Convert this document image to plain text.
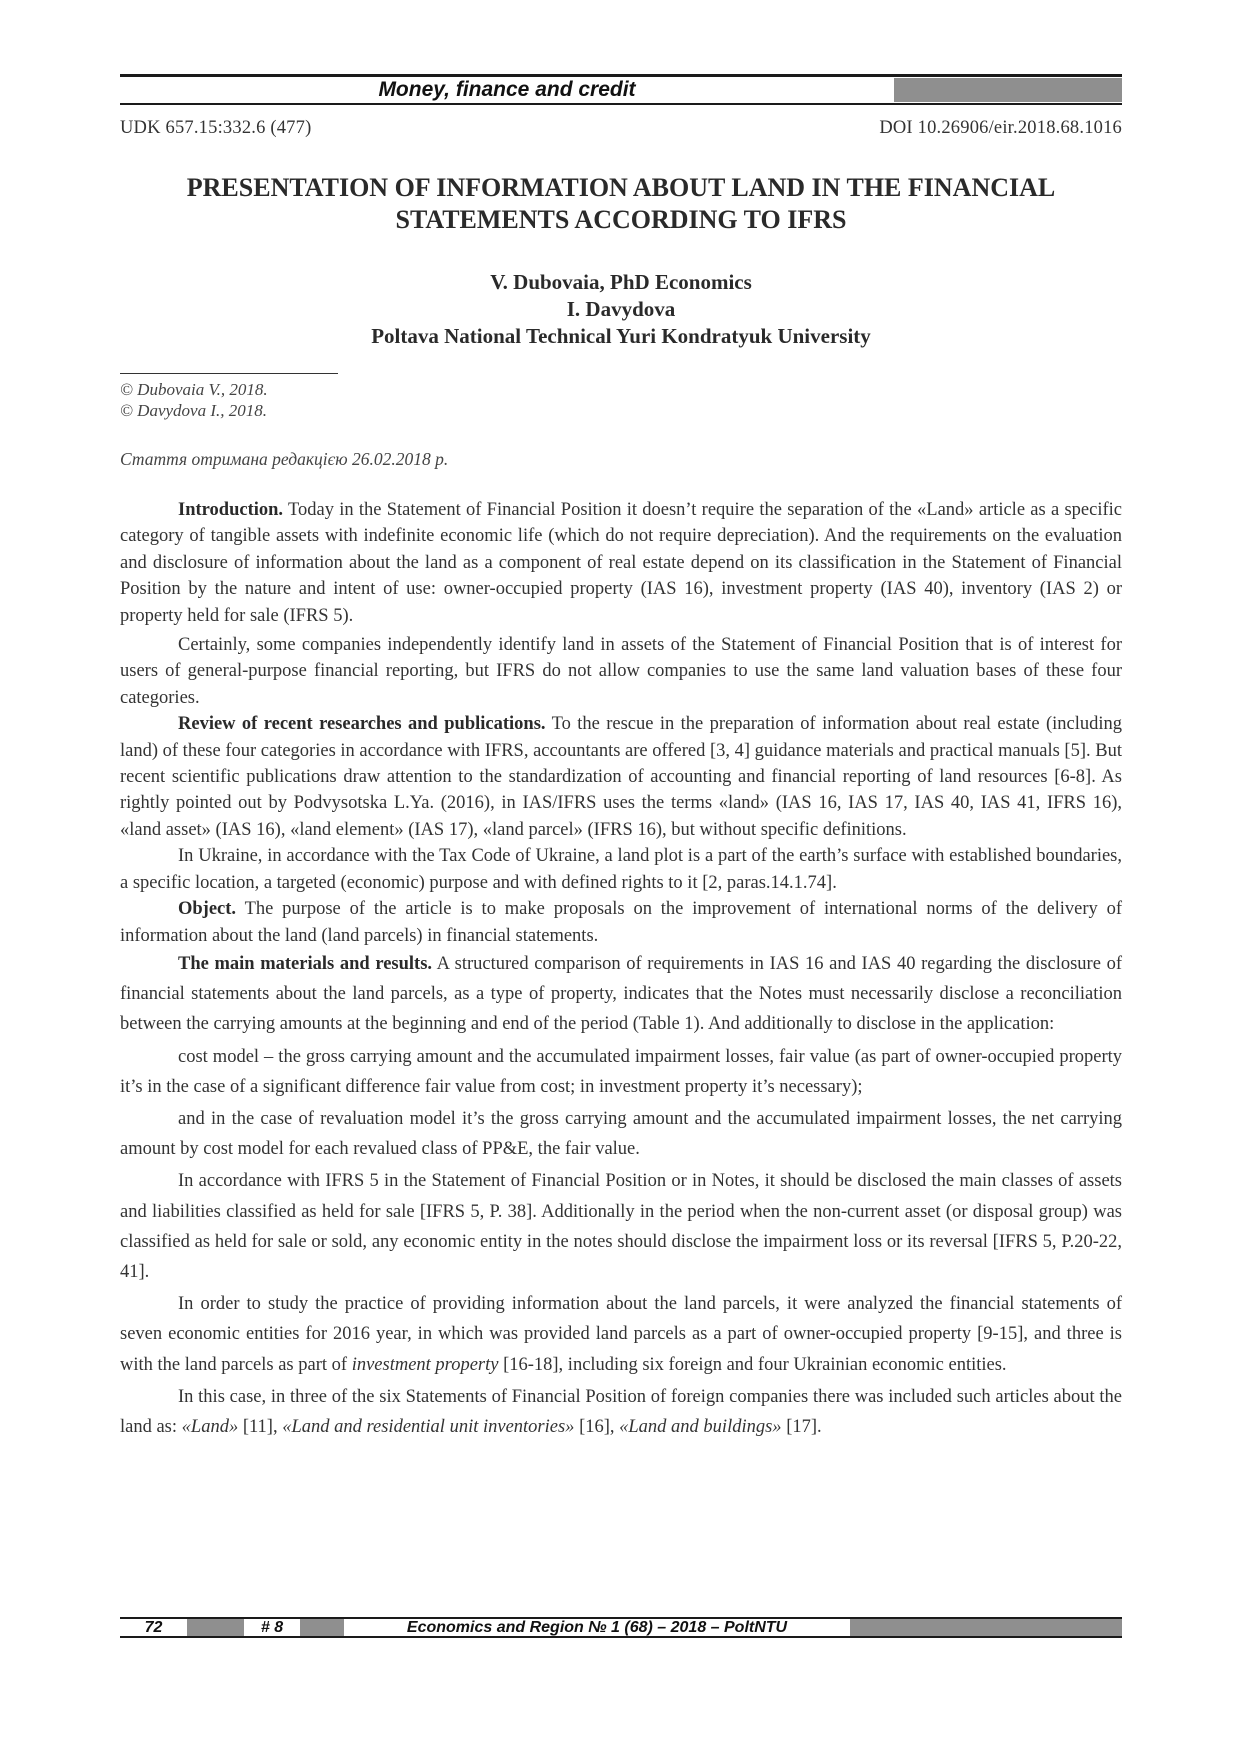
Money, finance and credit
UDK 657.15:332.6 (477)	DOI 10.26906/eir.2018.68.1016
PRESENTATION OF INFORMATION ABOUT LAND IN THE FINANCIAL
STATEMENTS ACCORDING TO IFRS
V. Dubovaia, PhD Economics
I. Davydova
Poltava National Technical Yuri Kondratyuk University
© Dubovaia V., 2018.
© Davydova I., 2018.
Стаття отримана редакцією 26.02.2018 р.

Introduction. Today in the Statement of Financial Position it doesn’t require the separation of the «Land» article as a specific category of tangible assets with indefinite economic life (which do not require depreciation). And the requirements on the evaluation and disclosure of information about the land as a component of real estate depend on its classification in the Statement of Financial Position by the nature and intent of use: owner-occupied property (IAS 16), investment property (IAS 40), inventory (IAS 2) or property held for sale (IFRS 5).

Certainly, some companies independently identify land in assets of the Statement of Financial Position that is of interest for users of general-purpose financial reporting, but IFRS do not allow companies to use the same land valuation bases of these four categories.

Review of recent researches and publications. To the rescue in the preparation of information about real estate (including land) of these four categories in accordance with IFRS, accountants are offered [3, 4] guidance materials and practical manuals [5]. But recent scientific publications draw attention to the standardization of accounting and financial reporting of land resources [6-8]. As rightly pointed out by Podvysotska L.Ya. (2016), in IAS/IFRS uses the terms «land» (IAS 16, IAS 17, IAS 40, IAS 41, IFRS 16), «land asset» (IAS 16), «land element» (IAS 17), «land parcel» (IFRS 16), but without specific definitions.

In Ukraine, in accordance with the Tax Code of Ukraine, a land plot is a part of the earth’s surface with established boundaries, a specific location, a targeted (economic) purpose and with defined rights to it [2, paras.14.1.74].

Object. The purpose of the article is to make proposals on the improvement of international norms of the delivery of information about the land (land parcels) in financial statements.

The main materials and results. A structured comparison of requirements in IAS 16 and IAS 40 regarding the disclosure of financial statements about the land parcels, as a type of property, indicates that the Notes must necessarily disclose a reconciliation between the carrying amounts at the beginning and end of the period (Table 1). And additionally to disclose in the application:

cost model – the gross carrying amount and the accumulated impairment losses, fair value (as part of owner-occupied property it’s in the case of a significant difference fair value from cost; in investment property it’s necessary);

and in the case of revaluation model it’s the gross carrying amount and the accumulated impairment losses, the net carrying amount by cost model for each revalued class of PP&E, the fair value.

In accordance with IFRS 5 in the Statement of Financial Position or in Notes, it should be disclosed the main classes of assets and liabilities classified as held for sale [IFRS 5, P. 38]. Additionally in the period when the non-current asset (or disposal group) was classified as held for sale or sold, any economic entity in the notes should disclose the impairment loss or its reversal [IFRS 5, P.20-22, 41].

In order to study the practice of providing information about the land parcels, it were analyzed the financial statements of seven economic entities for 2016 year, in which was provided land parcels as a part of owner-occupied property [9-15], and three is with the land parcels as part of investment property [16-18], including six foreign and four Ukrainian economic entities.

In this case, in three of the six Statements of Financial Position of foreign companies there was included such articles about the land as: «Land» [11], «Land and residential unit inventories» [16], «Land and buildings» [17].

72	# 8	Economics and Region № 1 (68) – 2018 – PoltNTU
